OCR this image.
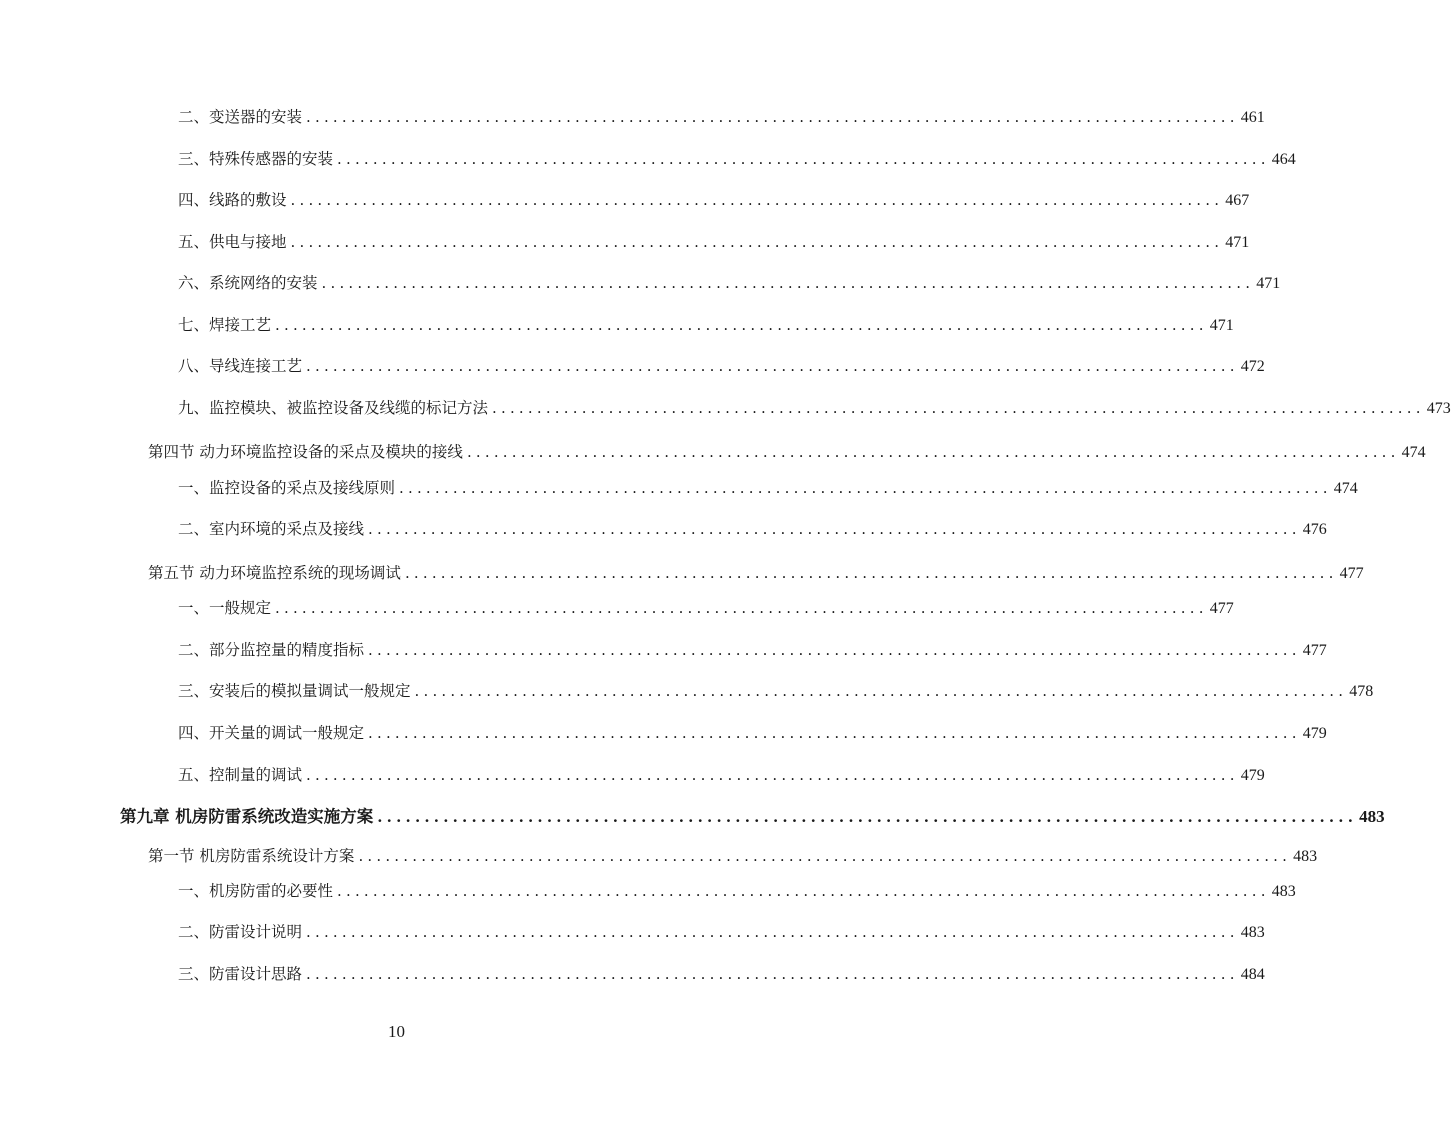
二、变送器的安装 ........................................................................................................ 461
三、特殊传感器的安装 ........................................................................................................ 464
四、线路的敷设 ........................................................................................................ 467
五、供电与接地 ........................................................................................................ 471
六、系统网络的安装 ........................................................................................................ 471
七、焊接工艺 ........................................................................................................ 471
八、导线连接工艺 ........................................................................................................ 472
九、监控模块、被监控设备及线缆的标记方法 ........................................................................................................ 473
第四节 动力环境监控设备的采点及模块的接线 ........................................................................................................ 474
一、监控设备的采点及接线原则 ........................................................................................................ 474
二、室内环境的采点及接线 ........................................................................................................ 476
第五节 动力环境监控系统的现场调试 ........................................................................................................ 477
一、一般规定 ........................................................................................................ 477
二、部分监控量的精度指标 ........................................................................................................ 477
三、安装后的模拟量调试一般规定 ........................................................................................................ 478
四、开关量的调试一般规定 ........................................................................................................ 479
五、控制量的调试 ........................................................................................................ 479
第九章 机房防雷系统改造实施方案 ........................................................................................................ 483
第一节 机房防雷系统设计方案 ........................................................................................................ 483
一、机房防雷的必要性 ........................................................................................................ 483
二、防雷设计说明 ........................................................................................................ 483
三、防雷设计思路 ........................................................................................................ 484
10
